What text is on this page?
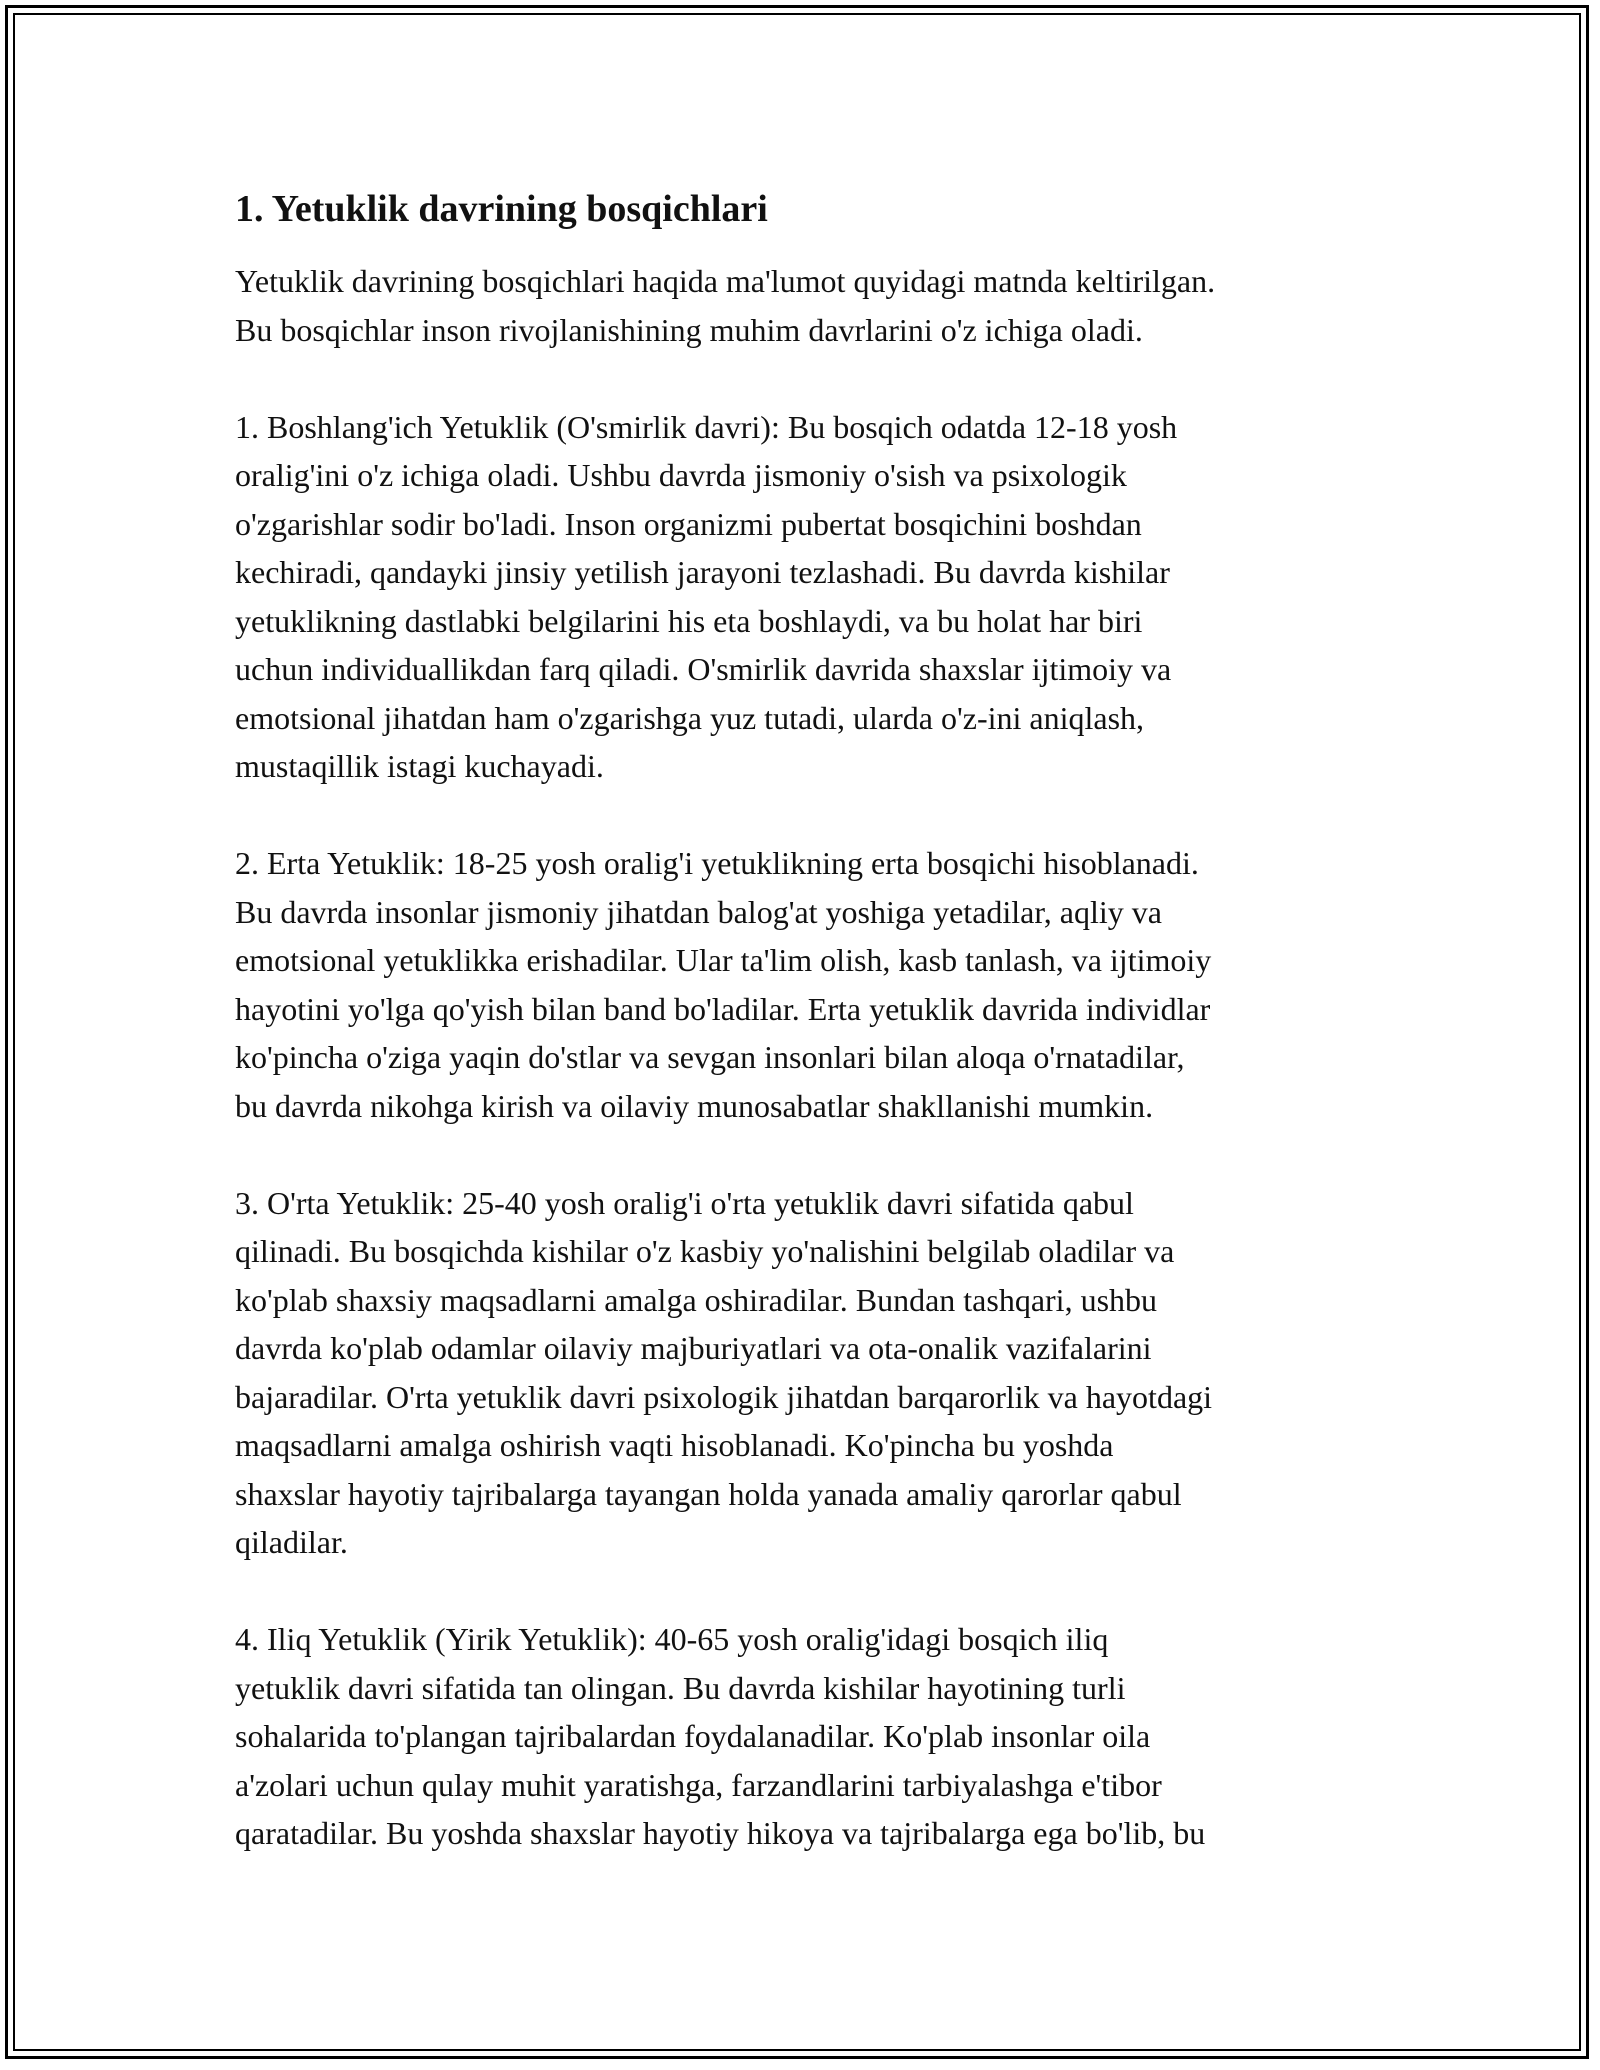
1. Yetuklik davrining bosqichlari

Yetuklik davrining bosqichlari haqida ma'lumot quyidagi matnda keltirilgan.
Bu bosqichlar inson rivojlanishining muhim davrlarini o'z ichiga oladi.

1. Boshlang'ich Yetuklik (O'smirlik davri): Bu bosqich odatda 12-18 yosh
oralig'ini o'z ichiga oladi. Ushbu davrda jismoniy o'sish va psixologik
o'zgarishlar sodir bo'ladi. Inson organizmi pubertat bosqichini boshdan
kechiradi, qandayki jinsiy yetilish jarayoni tezlashadi. Bu davrda kishilar
yetuklikning dastlabki belgilarini his eta boshlaydi, va bu holat har biri
uchun individuallikdan farq qiladi. O'smirlik davrida shaxslar ijtimoiy va
emotsional jihatdan ham o'zgarishga yuz tutadi, ularda o'z-ini aniqlash,
mustaqillik istagi kuchayadi.

2. Erta Yetuklik: 18-25 yosh oralig'i yetuklikning erta bosqichi hisoblanadi.
Bu davrda insonlar jismoniy jihatdan balog'at yoshiga yetadilar, aqliy va
emotsional yetuklikka erishadilar. Ular ta'lim olish, kasb tanlash, va ijtimoiy
hayotini yo'lga qo'yish bilan band bo'ladilar. Erta yetuklik davrida individlar
ko'pincha o'ziga yaqin do'stlar va sevgan insonlari bilan aloqa o'rnatadilar,
bu davrda nikohga kirish va oilaviy munosabatlar shakllanishi mumkin.

3. O'rta Yetuklik: 25-40 yosh oralig'i o'rta yetuklik davri sifatida qabul
qilinadi. Bu bosqichda kishilar o'z kasbiy yo'nalishini belgilab oladilar va
ko'plab shaxsiy maqsadlarni amalga oshiradilar. Bundan tashqari, ushbu
davrda ko'plab odamlar oilaviy majburiyatlari va ota-onalik vazifalarini
bajaradilar. O'rta yetuklik davri psixologik jihatdan barqarorlik va hayotdagi
maqsadlarni amalga oshirish vaqti hisoblanadi. Ko'pincha bu yoshda
shaxslar hayotiy tajribalarga tayangan holda yanada amaliy qarorlar qabul
qiladilar.

4. Iliq Yetuklik (Yirik Yetuklik): 40-65 yosh oralig'idagi bosqich iliq
yetuklik davri sifatida tan olingan. Bu davrda kishilar hayotining turli
sohalarida to'plangan tajribalardan foydalanadilar. Ko'plab insonlar oila
a'zolari uchun qulay muhit yaratishga, farzandlarini tarbiyalashga e'tibor
qaratadilar. Bu yoshda shaxslar hayotiy hikoya va tajribalarga ega bo'lib, bu
